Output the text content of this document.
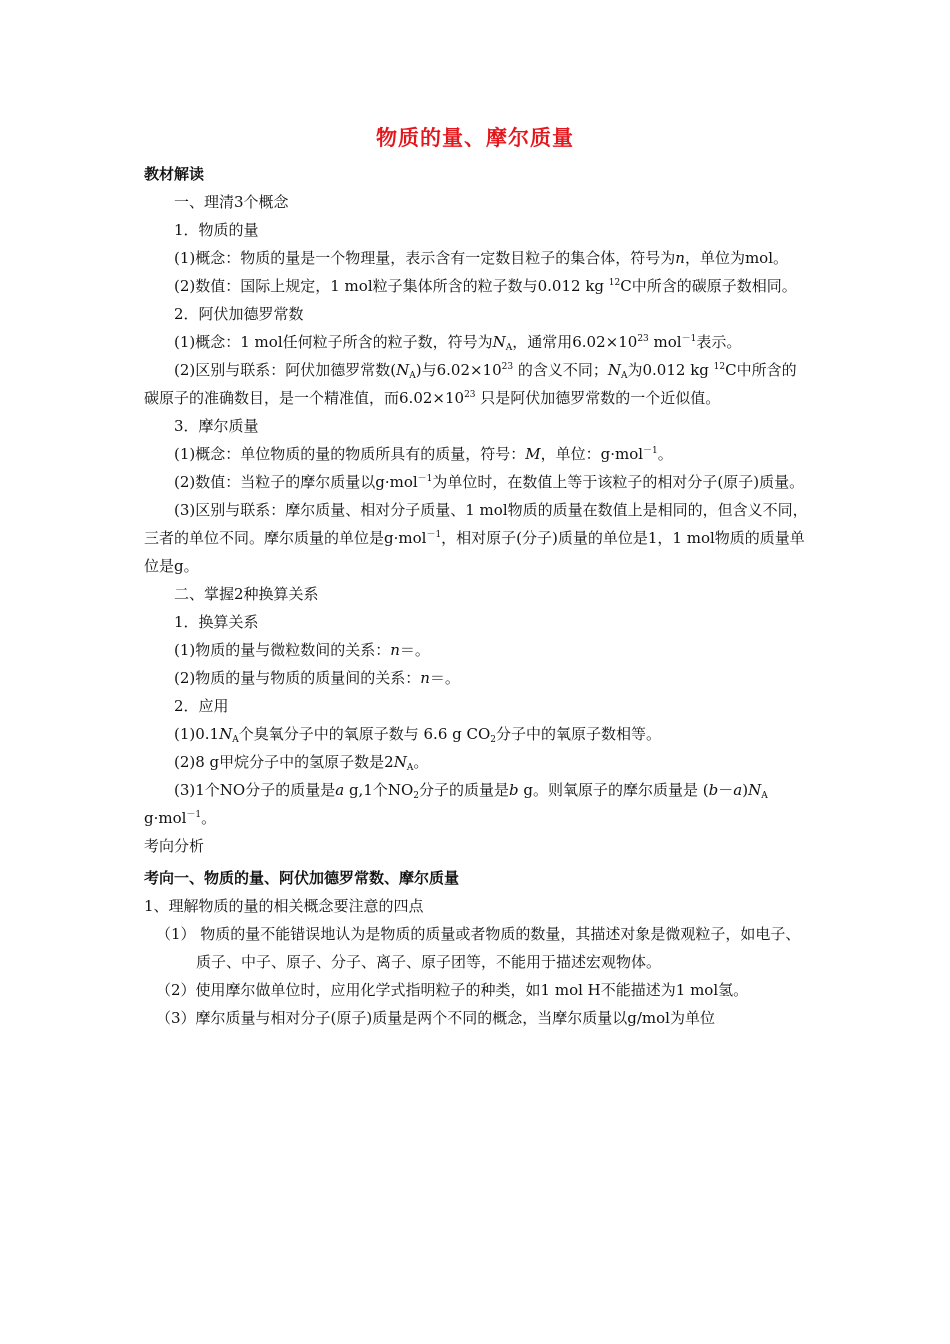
物质的量、摩尔质量
教材解读
一、理清3个概念
1．物质的量
(1)概念：物质的量是一个物理量，表示含有一定数目粒子的集合体，符号为n，单位为mol。
(2)数值：国际上规定，1 mol粒子集体所含的粒子数与0.012 kg $^{12}$C中所含的碳原子数相同。
2．阿伏加德罗常数
(1)概念：1 mol任何粒子所含的粒子数，符号为$N_A$，通常用$6.02\times 10^{23}$ mol$^{-1}$表示。
(2)区别与联系：阿伏加德罗常数$(N_A)$与$6.02\times 10^{23}$ 的含义不同；$N_A$为0.012 kg $^{12}$C中所含的碳原子的准确数目，是一个精准值，而$6.02\times 10^{23}$ 只是阿伏加德罗常数的一个近似值。
3．摩尔质量
(1)概念：单位物质的量的物质所具有的质量，符号：M，单位：g·mol$^{-1}$。
(2)数值：当粒子的摩尔质量以g·mol$^{-1}$为单位时，在数值上等于该粒子的相对分子(原子)质量。
(3)区别与联系：摩尔质量、相对分子质量、1 mol物质的质量在数值上是相同的，但含义不同，三者的单位不同。摩尔质量的单位是g·mol$^{-1}$，相对原子(分子)质量的单位是1，1 mol物质的质量单位是g。
二、掌握2种换算关系
1．换算关系
(1)物质的量与微粒数间的关系：n＝。
(2)物质的量与物质的质量间的关系：n＝。
2．应用
$(1)0.1N_A$个臭氧分子中的氧原子数与 6.6 g $CO_2$分子中的氧原子数相等。
(2)8 g甲烷分子中的氢原子数是$2N_A$。
(3)1个NO分子的质量是a g,1个$NO_2$分子的质量是b g。则氧原子的摩尔质量是 $(b-a)N_A$ g·mol$^{-1}$。
考向分析
考向一、物质的量、阿伏加德罗常数、摩尔质量
1、理解物质的量的相关概念要注意的四点
（1） 物质的量不能错误地认为是物质的质量或者物质的数量，其描述对象是微观粒子，如电子、质子、中子、原子、分子、离子、原子团等，不能用于描述宏观物体。
（2）使用摩尔做单位时，应用化学式指明粒子的种类，如1 mol H不能描述为1 mol氢。
（3）摩尔质量与相对分子(原子)质量是两个不同的概念，当摩尔质量以g/mol为单位
